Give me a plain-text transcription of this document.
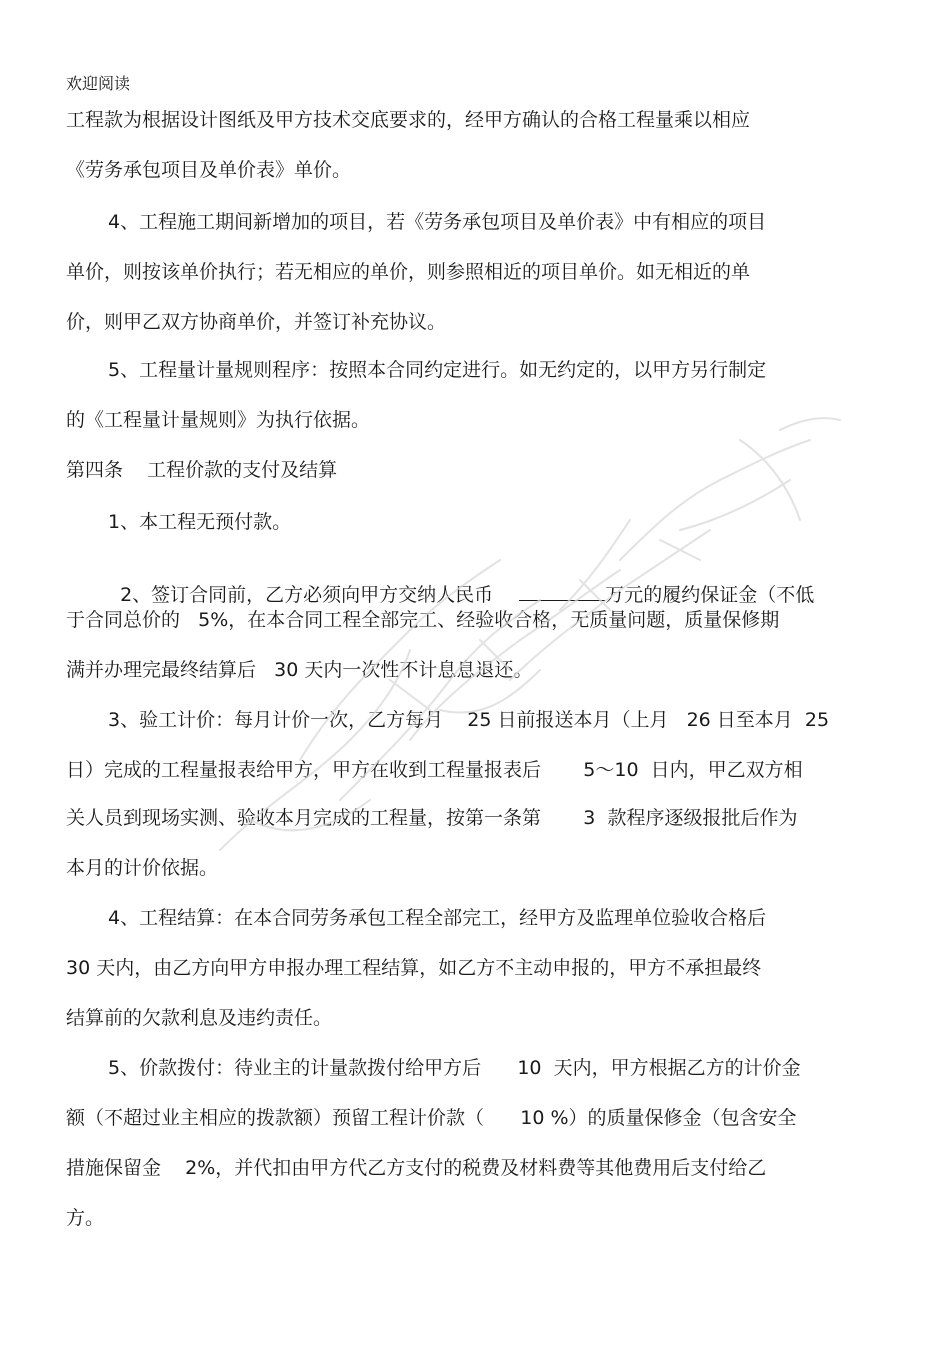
欢迎阅读
工程款为根据设计图纸及甲方技术交底要求的，经甲方确认的合格工程量乘以相应
《劳务承包项目及单价表》单价。
4、工程施工期间新增加的项目，若《劳务承包项目及单价表》中有相应的项目
单价，则按该单价执行；若无相应的单价，则参照相近的项目单价。如无相近的单
价，则甲乙双方协商单价，并签订补充协议。
5、工程量计量规则程序：按照本合同约定进行。如无约定的，以甲方另行制定
的《工程量计量规则》为执行依据。
第四条    工程价款的支付及结算
1、本工程无预付款。

2、签订合同前，乙方必须向甲方交纳人民币	万元的履约保证金（不低

于合同总价的   5%，在本合同工程全部完工、经验收合格，无质量问题，质量保修期
满并办理完最终结算后   30 天内一次性不计息息退还。
3、验工计价：每月计价一次，乙方每月    25 日前报送本月（上月   26 日至本月  25
日）完成的工程量报表给甲方，甲方在收到工程量报表后       5～10  日内，甲乙双方相
关人员到现场实测、验收本月完成的工程量，按第一条第       3  款程序逐级报批后作为
本月的计价依据。
4、工程结算：在本合同劳务承包工程全部完工，经甲方及监理单位验收合格后
30 天内，由乙方向甲方申报办理工程结算，如乙方不主动申报的，甲方不承担最终
结算前的欠款利息及违约责任。
5、价款拨付：待业主的计量款拨付给甲方后      10  天内，甲方根据乙方的计价金
额（不超过业主相应的拨款额）预留工程计价款（      10 %）的质量保修金（包含安全
措施保留金    2%，并代扣由甲方代乙方支付的税费及材料费等其他费用后支付给乙
方。
